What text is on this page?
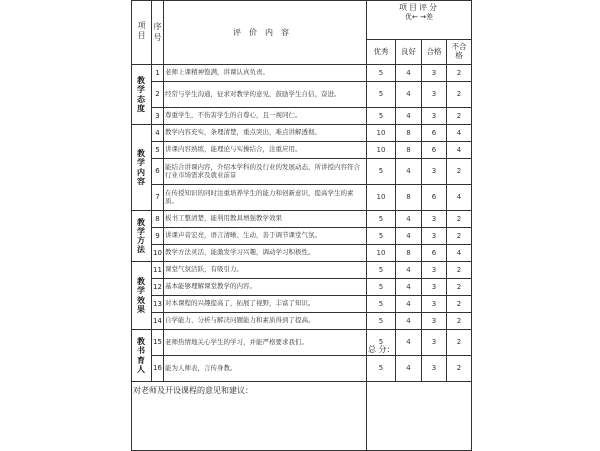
项目	序号	评价内容	项目评分
优← →差			

			优秀	良好	合格	不合格
教学态度	1	老师上课精神饱满，讲课认真负责。	5	4	3	2
	2	经常与学生沟通，征求对教学的意见，鼓励学生自信、奋进。	5	4	3	2
	3	尊重学生，不伤害学生的自尊心，且一视同仁。	5	4	3	2
教学内容	4	教学内容充实，条理清楚，重点突出，难点讲解透彻。	10	8	6	4
	5	讲课内容熟练，能理论与实操结合，注重应用。	10	8	6	4
	6	能结合讲课内容，介绍本学科的及行业的发展动态，所讲授内容符合行业市场需求及就业前景	5	4	3	2
	7	在传授知识的同时注重培养学生的能力和创新意识，提高学生的素质。	10	8	6	4
教学方法	8	板书工整清楚，能利用教具增强教学效果	5	4	3	2
	9	讲课声音宏亮，语言清晰、生动，善于调节课堂气氛。	5	4	3	2
	10	教学方法灵活，能激发学习兴趣，调动学习积极性。	10	8	6	4
教学效果	11	课堂气氛活跃，有吸引力。	5	4	3	2
	12	基本能够理解课堂教学的内容。	5	4	3	2
	13	对本课程的兴趣提高了，拓展了视野，丰富了知识。	5	4	3	2
	14	自学能力、分析与解决问题能力和素质得到了提高。	5	4	3	2
教书育人	15	老师热情地关心学生的学习，并能严格要求我们。	5	4	3	2
	16	能为人师表，言传身教。	5	4	3	2
对老师及开设课程的意见和建议：						
总 分：
